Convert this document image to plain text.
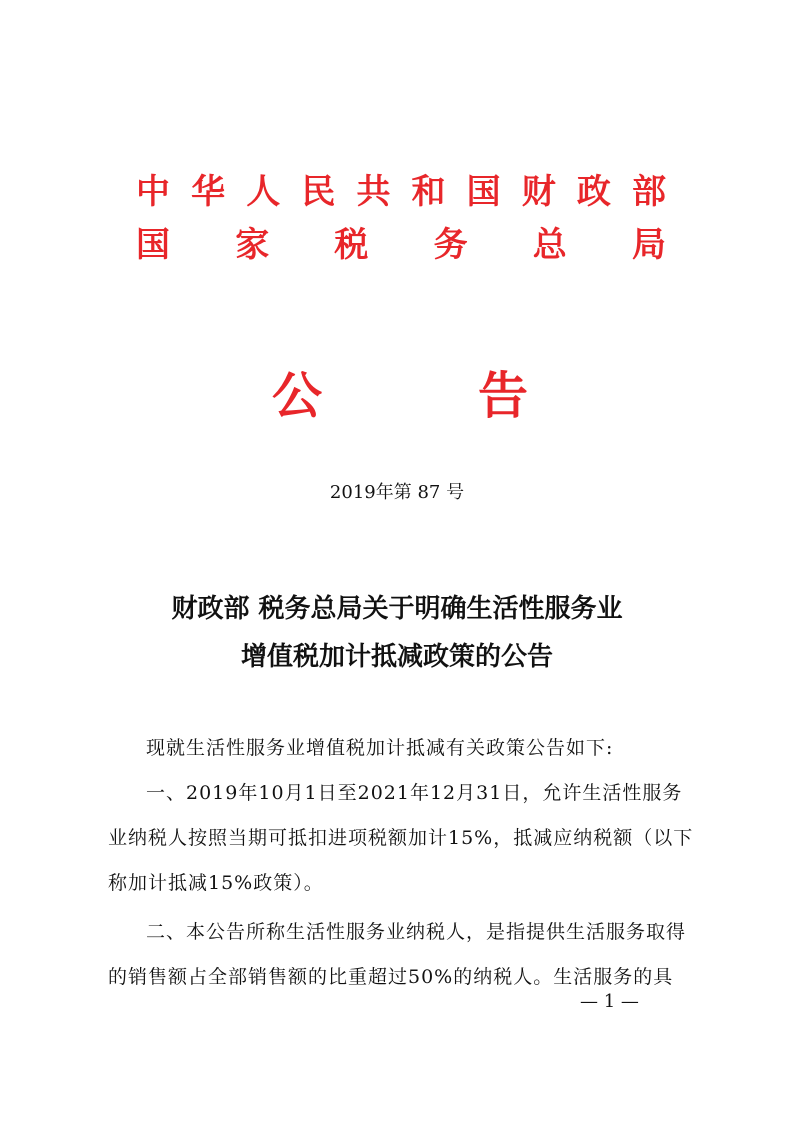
中 华 人 民 共 和 国 财 政 部
国 家 税 务 总 局
公	告
2019年第 87 号
财政部 税务总局关于明确生活性服务业
增值税加计抵减政策的公告

现就生活性服务业增值税加计抵减有关政策公告如下:

一、2019年10月1日至2021年12月31日，允许生活性服务业纳税人按照当期可抵扣进项税额加计15%，抵减应纳税额（以下称加计抵减15%政策）。

二、本公告所称生活性服务业纳税人，是指提供生活服务取得的销售额占全部销售额的比重超过50%的纳税人。生活服务的具

— 1 —
